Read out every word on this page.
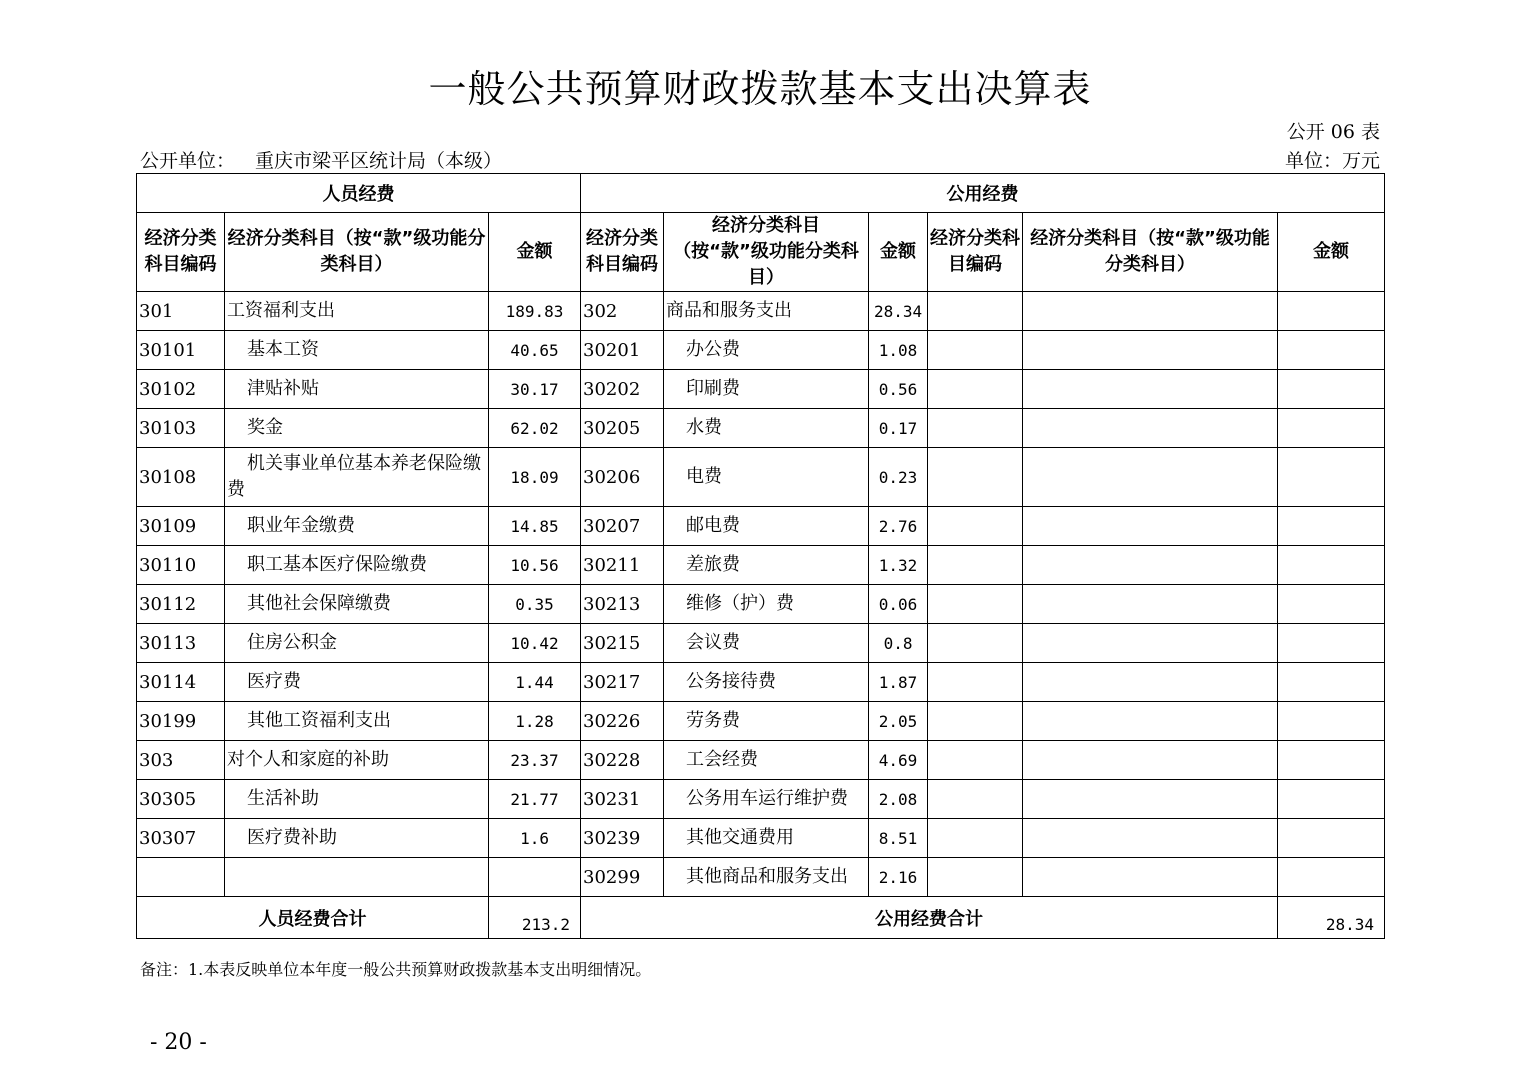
一般公共预算财政拨款基本支出决算表
公开 06 表
公开单位： 重庆市梁平区统计局（本级）	单位：万元
人员经费			公用经费					
经济分类科目编码	经济分类科目（按“款”级功能分类科目）	金额	经济分类科目编码	经济分类科目（按“款”级功能分类科目）	金额	经济分类科目编码	经济分类科目（按“款”级功能分类科目）	金额
301	工资福利支出	189.83	302	商品和服务支出	28.34			
30101	基本工资	40.65	30201	办公费	1.08			
30102	津贴补贴	30.17	30202	印刷费	0.56			
30103	奖金	62.02	30205	水费	0.17			
30108	机关事业单位基本养老保险缴费	18.09	30206	电费	0.23			
30109	职业年金缴费	14.85	30207	邮电费	2.76			
30110	职工基本医疗保险缴费	10.56	30211	差旅费	1.32			
30112	其他社会保障缴费	0.35	30213	维修（护）费	0.06			
30113	住房公积金	10.42	30215	会议费	0.8			
30114	医疗费	1.44	30217	公务接待费	1.87			
30199	其他工资福利支出	1.28	30226	劳务费	2.05			
303	对个人和家庭的补助	23.37	30228	工会经费	4.69			
30305	生活补助	21.77	30231	公务用车运行维护费	2.08			
30307	医疗费补助	1.6	30239	其他交通费用	8.51			
			30299	其他商品和服务支出	2.16			
人员经费合计		213.2	公用经费合计					28.34
备注：1.本表反映单位本年度一般公共预算财政拨款基本支出明细情况。
- 20 -
